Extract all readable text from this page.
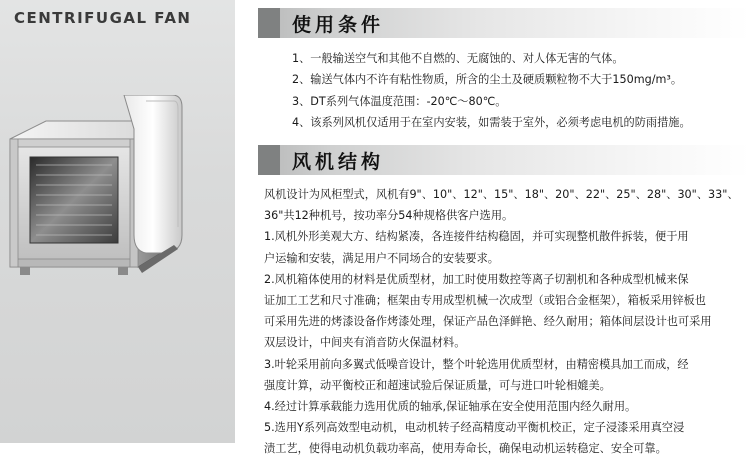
CENTRIFUGAL FAN	使用条件
1、一般输送空气和其他不自燃的、无腐蚀的、对人体无害的气体。
2、输送气体内不许有粘性物质，所含的尘土及硬质颗粒物不大于150mg/m³。
3、DT系列气体温度范围：-20℃～80℃。
4、该系列风机仅适用于在室内安装，如需装于室外，必须考虑电机的防雨措施。
风机结构
风机设计为风柜型式，风机有9"、10"、12"、15"、18"、20"、22"、25"、28"、30"、33"、
36"共12种机号，按功率分54种规格供客户选用。
1.风机外形美观大方、结构紧凑，各连接件结构稳固，并可实现整机散件拆装，便于用
户运输和安装，满足用户不同场合的安装要求。
2.风机箱体使用的材料是优质型材，加工时使用数控等离子切割机和各种成型机械来保
证加工工艺和尺寸准确；框架由专用成型机械一次成型（或铝合金框架），箱板采用锌板也
可采用先进的烤漆设备作烤漆处理，保证产品色泽鲜艳、经久耐用；箱体间层设计也可采用
双层设计，中间夹有消音防火保温材料。
3.叶轮采用前向多翼式低噪音设计，整个叶轮选用优质型材，由精密模具加工而成，经
强度计算，动平衡校正和超速试验后保证质量，可与进口叶轮相媲美。
4.经过计算承载能力选用优质的轴承,保证轴承在安全使用范围内经久耐用。
5.选用Y系列高效型电动机，电动机转子经高精度动平衡机校正，定子浸漆采用真空浸
渍工艺，使得电动机负载功率高，使用寿命长，确保电动机运转稳定、安全可靠。
